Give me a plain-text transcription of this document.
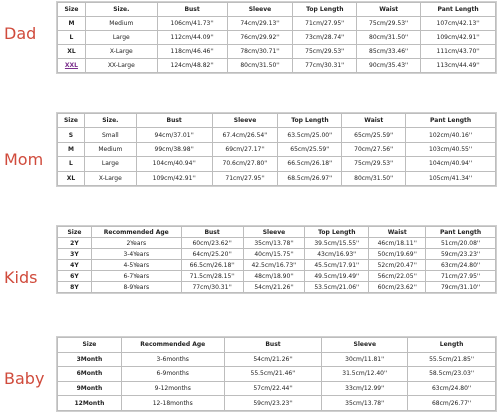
Dad
Size	Size.	Bust	Sleeve	Top Length	Waist	Pant Length
M	Medium	106cm/41.73''	74cm/29.13''	71cm/27.95''	75cm/29.53''	107cm/42.13''
L	Large	112cm/44.09''	76cm/29.92''	73cm/28.74''	80cm/31.50''	109cm/42.91''
XL	X-Large	118cm/46.46''	78cm/30.71''	75cm/29.53''	85cm/33.46''	111cm/43.70''
XXL	XX-Large	124cm/48.82''	80cm/31.50''	77cm/30.31''	90cm/35.43''	113cm/44.49''
Mom
Size	Size.	Bust	Sleeve	Top Length	Waist	Pant Length
S	Small	94cm/37.01''	67.4cm/26.54''	63.5cm/25.00''	65cm/25.59''	102cm/40.16''
M	Medium	99cm/38.98''	69cm/27.17''	65cm/25.59''	70cm/27.56''	103cm/40.55''
L	Large	104cm/40.94''	70.6cm/27.80''	66.5cm/26.18''	75cm/29.53''	104cm/40.94''
XL	X-Large	109cm/42.91''	71cm/27.95''	68.5cm/26.97''	80cm/31.50''	105cm/41.34''
Kids
Size	Recommended Age	Bust	Sleeve	Top Length	Waist	Pant Length
2Y	2Years	60cm/23.62''	35cm/13.78''	39.5cm/15.55''	46cm/18.11''	51cm/20.08''
3Y	3-4Years	64cm/25.20''	40cm/15.75''	43cm/16.93''	50cm/19.69''	59cm/23.23''
4Y	4-5Years	66.5cm/26.18''	42.5cm/16.73''	45.5cm/17.91''	52cm/20.47''	63cm/24.80''
6Y	6-7Years	71.5cm/28.15''	48cm/18.90''	49.5cm/19.49''	56cm/22.05''	71cm/27.95''
8Y	8-9Years	77cm/30.31''	54cm/21.26''	53.5cm/21.06''	60cm/23.62''	79cm/31.10''
Baby
Size	Recommended Age	Bust	Sleeve	Length
3Month	3-6months	54cm/21.26''	30cm/11.81''	55.5cm/21.85''
6Month	6-9months	55.5cm/21.46''	31.5cm/12.40''	58.5cm/23.03''
9Month	9-12months	57cm/22.44''	33cm/12.99''	63cm/24.80''
12Month	12-18months	59cm/23.23''	35cm/13.78''	68cm/26.77''
